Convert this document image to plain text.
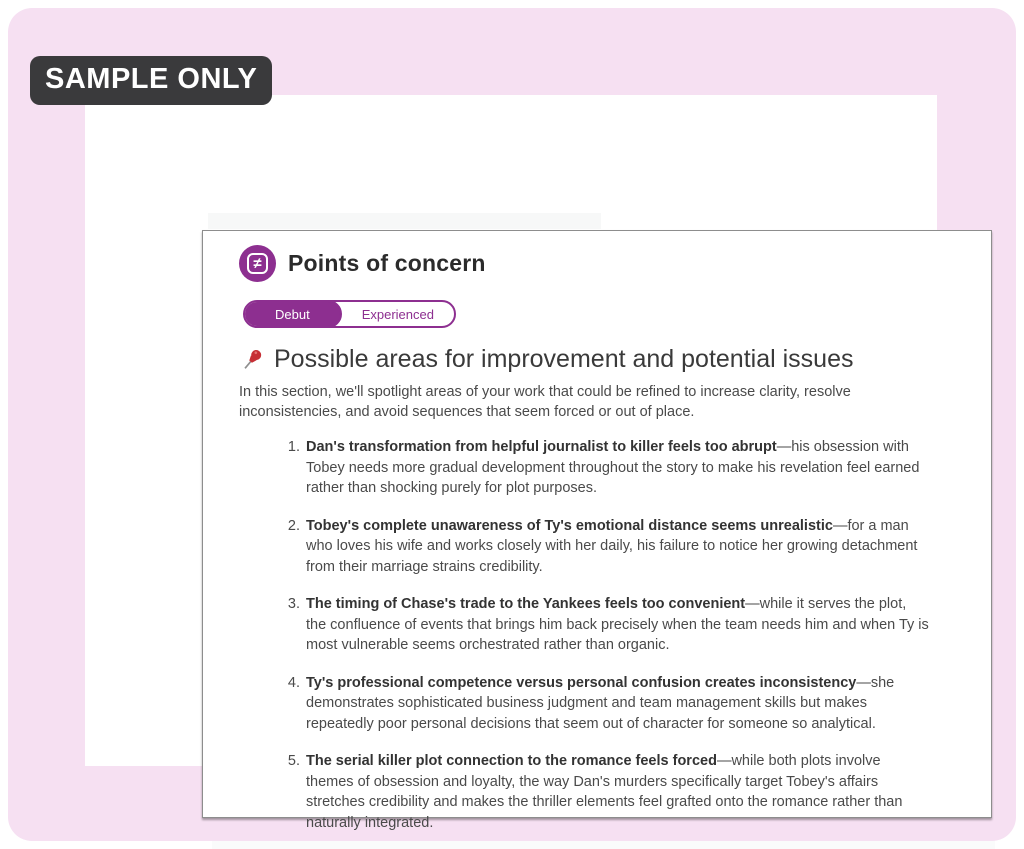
SAMPLE ONLY
≠ Points of concern
Debut	Experienced
Possible areas for improvement and potential issues
In this section, we'll spotlight areas of your work that could be refined to increase clarity, resolve inconsistencies, and avoid sequences that seem forced or out of place.
1. Dan's transformation from helpful journalist to killer feels too abrupt—his obsession with Tobey needs more gradual development throughout the story to make his revelation feel earned rather than shocking purely for plot purposes.
2. Tobey's complete unawareness of Ty's emotional distance seems unrealistic—for a man who loves his wife and works closely with her daily, his failure to notice her growing detachment from their marriage strains credibility.
3. The timing of Chase's trade to the Yankees feels too convenient—while it serves the plot, the confluence of events that brings him back precisely when the team needs him and when Ty is most vulnerable seems orchestrated rather than organic.
4. Ty's professional competence versus personal confusion creates inconsistency—she demonstrates sophisticated business judgment and team management skills but makes repeatedly poor personal decisions that seem out of character for someone so analytical.
5. The serial killer plot connection to the romance feels forced—while both plots involve themes of obsession and loyalty, the way Dan's murders specifically target Tobey's affairs stretches credibility and makes the thriller elements feel grafted onto the romance rather than naturally integrated.
